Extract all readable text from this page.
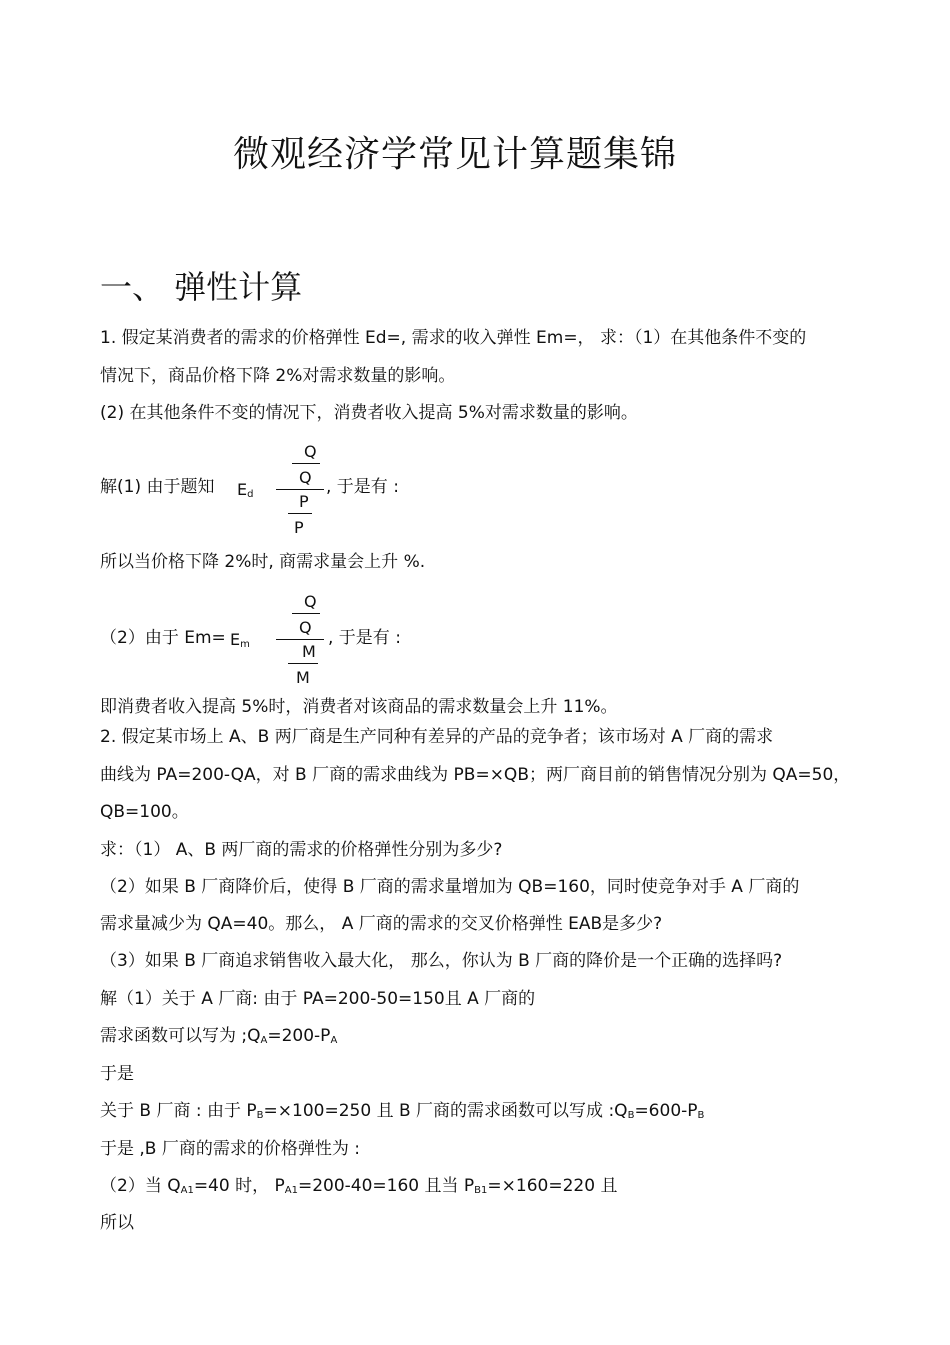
微观经济学常见计算题集锦
一、 弹性计算
1. 假定某消费者的需求的价格弹性 Ed=, 需求的收入弹性 Em=， 求：（1）在其他条件不变的
情况下，商品价格下降 2%对需求数量的影响。
(2) 在其他条件不变的情况下，消费者收入提高 5%对需求数量的影响。
解(1) 由于题知 $E_d$
Q
Q
P
P
, 于是有 :
所以当价格下降 2%时, 商需求量会上升 %.
（2）由于 $Em= E_m$
Q
Q
M
M
, 于是有 :
即消费者收入提高 5%时，消费者对该商品的需求数量会上升 11%。
2. 假定某市场上 A、B 两厂商是生产同种有差异的产品的竞争者；该市场对 A 厂商的需求
曲线为 PA=200-QA，对 B 厂商的需求曲线为 PB=×QB；两厂商目前的销售情况分别为 QA=50，
QB=100。
求：（1） A、B 两厂商的需求的价格弹性分别为多少?
（2）如果 B 厂商降价后，使得 B 厂商的需求量增加为 QB=160，同时使竞争对手 A 厂商的
需求量减少为 QA=40。那么， A 厂商的需求的交叉价格弹性 EAB是多少?
（3）如果 B 厂商追求销售收入最大化， 那么，你认为 B 厂商的降价是一个正确的选择吗?
解（1）关于 A 厂商: 由于 PA=200-50=150且 A 厂商的
需求函数可以写为 $;Q_A=200-P_A$
于是
关于 B 厂商 : 由于 $P_B=\times 100=250$ 且 B 厂商的需求函数可以写成 $:Q_B=600-P_B$
于是 ,B 厂商的需求的价格弹性为 :
（2）当 $Q_{A1}=40$ 时， $P_{A1}=200-40=160$ 且当 $P_{B1}=\times 160=220$ 且
所以
